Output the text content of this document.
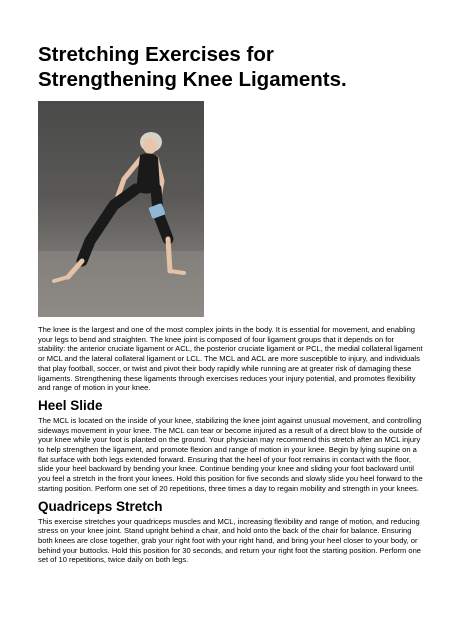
Stretching Exercises for Strengthening Knee Ligaments.

The knee is the largest and one of the most complex joints in the body. It is essential for movement, and enabling your legs to bend and straighten. The knee joint is composed of four ligament groups that it depends on for stability: the anterior cruciate ligament or ACL, the posterior cruciate ligament or PCL, the medial collateral ligament or MCL and the lateral collateral ligament or LCL. The MCL and ACL are more susceptible to injury, and individuals that play football, soccer, or twist and pivot their body rapidly while running are at greater risk of damaging these ligaments. Strengthening these ligaments through exercises reduces your injury potential, and promotes flexibility and range of motion in your knee.

Heel Slide

The MCL is located on the inside of your knee, stabilizing the knee joint against unusual movement, and controlling sideways movement in your knee. The MCL can tear or become injured as a result of a direct blow to the outside of your knee while your foot is planted on the ground. Your physician may recommend this stretch after an MCL injury to help strengthen the ligament, and promote flexion and range of motion in your knee. Begin by lying supine on a flat surface with both legs extended forward. Ensuring that the heel of your foot remains in contact with the floor, slide your heel backward by bending your knee. Continue bending your knee and sliding your foot backward until you feel a stretch in the front your knees. Hold this position for five seconds and slowly slide you heel forward to the starting position. Perform one set of 20 repetitions, three times a day to regain mobility and strength in your knees.

Quadriceps Stretch

This exercise stretches your quadriceps muscles and MCL, increasing flexibility and range of motion, and reducing stress on your knee joint. Stand upright behind a chair, and hold onto the back of the chair for balance. Ensuring both knees are close together, grab your right foot with your right hand, and bring your heel closer to your body, or behind your buttocks. Hold this position for 30 seconds, and return your right foot the starting position. Perform one set of 10 repetitions, twice daily on both legs.
